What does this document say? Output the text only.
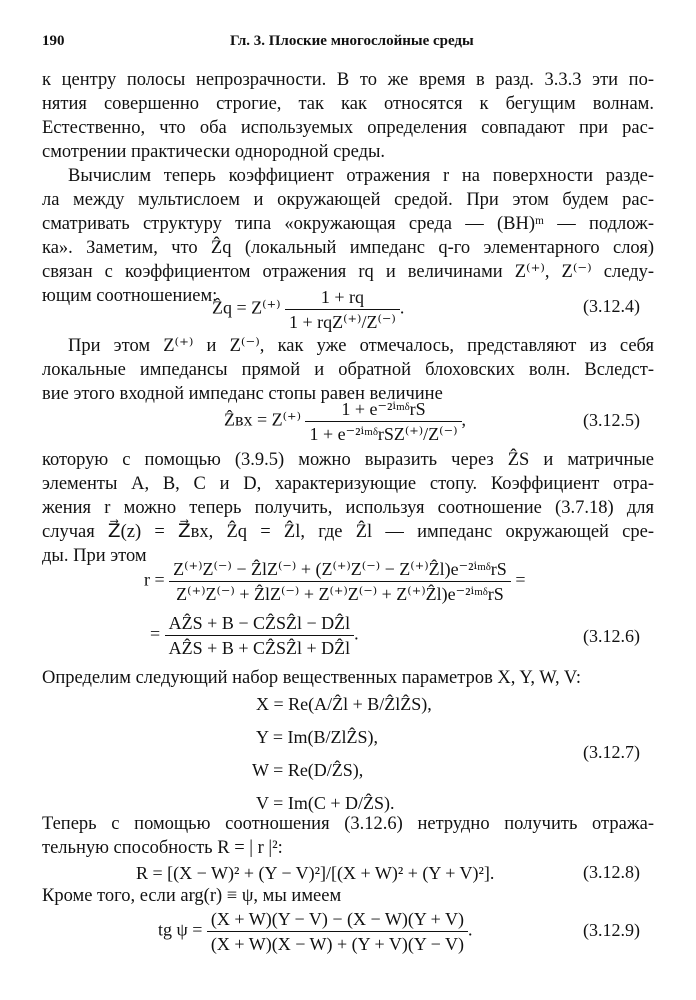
190	Гл. 3. Плоские многослойные среды
к центру полосы непрозрачности. В то же время в разд. 3.3.3 эти по-
нятия совершенно строгие, так как относятся к бегущим волнам.
Естественно, что оба используемых определения совпадают при рас-
смотрении практически однородной среды.
Вычислим теперь коэффициент отражения r на поверхности разде-
ла между мультислоем и окружающей средой. При этом будем рас-
сматривать структуру типа «окружающая среда — (ВН)ᵐ — подлож-
ка». Заметим, что Ẑq (локальный импеданс q-го элементарного слоя)
связан с коэффициентом отражения rq и величинами Z⁽⁺⁾, Z⁽⁻⁾ следу-
ющим соотношением:
Ẑq = $Z^{(+)} \frac{1 + rq}{\text{1 + rqZ⁽⁺⁾/Z⁽⁻⁾}}$ .	(3.12.4)
При этом Z⁽⁺⁾ и Z⁽⁻⁾, как уже отмечалось, представляют из себя
локальные импедансы прямой и обратной блоховских волн. Вследст-
вие этого входной импеданс стопы равен величине
Ẑвх = $Z^{(+)} \frac{\text{1 + e⁻²ⁱᵐᵟrS}}{\text{1 + e⁻²ⁱᵐᵟrSZ⁽⁺⁾/Z⁽⁻⁾}}$ ,	(3.12.5)
которую с помощью (3.9.5) можно выразить через ẐS и матричные
элементы A, B, C и D, характеризующие стопу. Коэффициент отра-
жения r можно теперь получить, используя соотношение (3.7.18) для
случая Z⃗(z) = Z⃗вх, Ẑq = Ẑl, где Ẑl — импеданс окружающей сре-
ды. При этом
$r = \frac{\text{Z⁽⁺⁾Z⁽⁻⁾ − ẐlZ⁽⁻⁾ + (Z⁽⁺⁾Z⁽⁻⁾ − Z⁽⁺⁾Ẑl)e⁻²ⁱᵐᵟrS}}{\text{Z⁽⁺⁾Z⁽⁻⁾ + ẐlZ⁽⁻⁾ + Z⁽⁺⁾Z⁽⁻⁾ + Z⁽⁺⁾Ẑl)e⁻²ⁱᵐᵟrS}}$ =
= $\frac{\text{AẐS + B − CẐSẐl − DẐl}}{\text{AẐS + B + CẐSẐl + DẐl}}$ .	(3.12.6)
Определим следующий набор вещественных параметров X, Y, W, V:
X = Re(A/Ẑl + B/ẐlẐS),
Y = Im(B/ZlẐS),
W = Re(D/ẐS),
V = Im(C + D/ẐS).
(3.12.7)
Теперь с помощью соотношения (3.12.6) нетрудно получить отража-
тельную способность R = | r |²:
R = [(X − W)² + (Y − V)²]/[(X + W)² + (Y + V)²].	(3.12.8)
Кроме того, если arg(r) ≡ ψ, мы имеем
tg $\psi = \frac{(X + W)(Y - V) - (X - W)(Y + V)}{(X + W)(X - W) + (Y + V)(Y - V)}$ .	(3.12.9)
